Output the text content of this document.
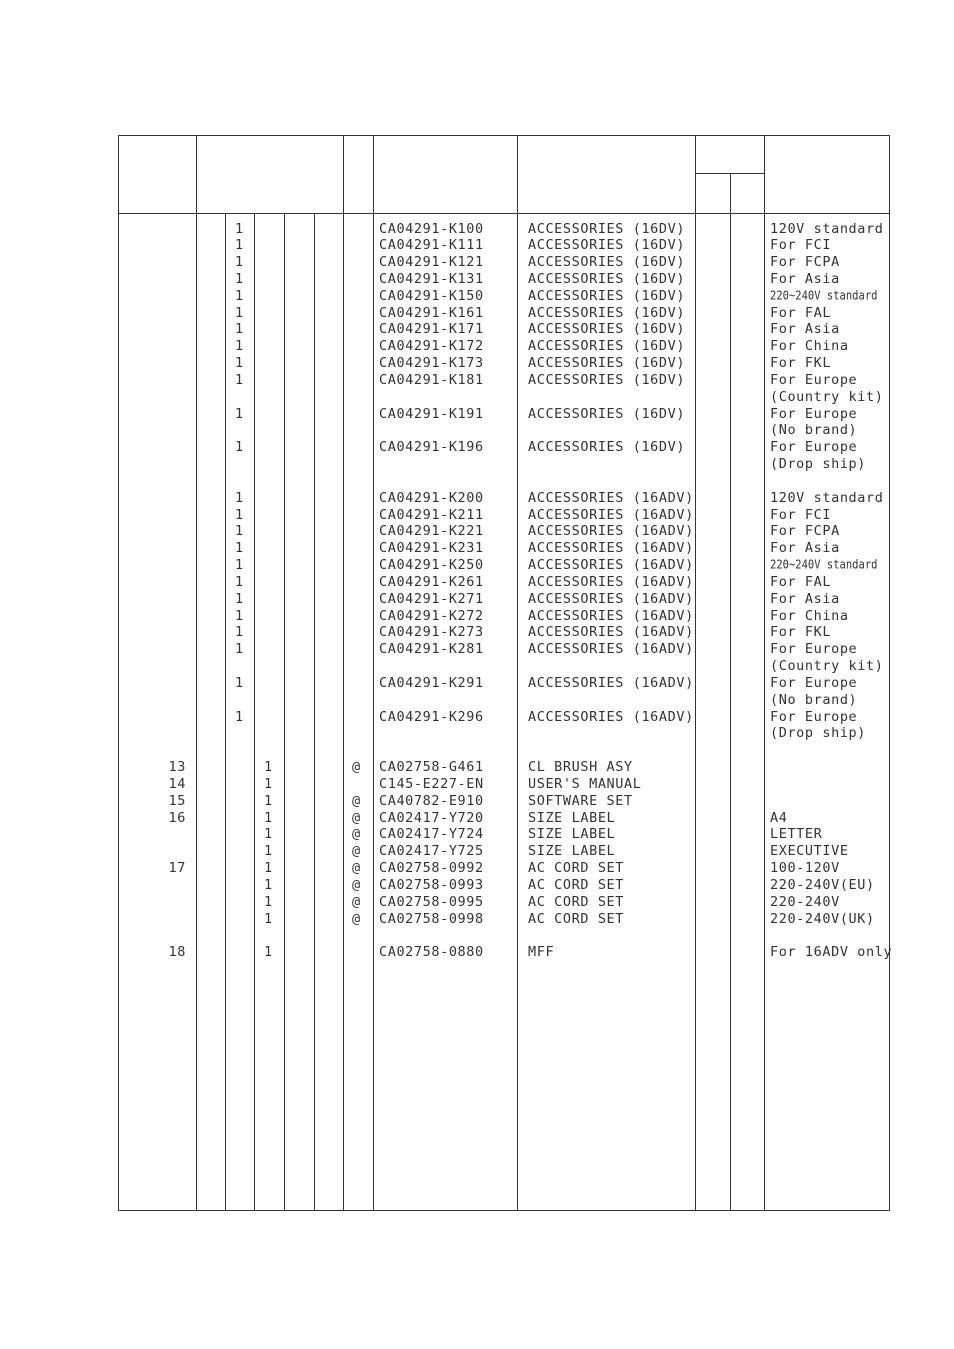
1	CA04291-K100	ACCESSORIES (16DV)	120V standard
1	CA04291-K111	ACCESSORIES (16DV)	For FCI
1	CA04291-K121	ACCESSORIES (16DV)	For FCPA
1	CA04291-K131	ACCESSORIES (16DV)	For Asia
1	CA04291-K150	ACCESSORIES (16DV)	220~240V standard
1	CA04291-K161	ACCESSORIES (16DV)	For FAL
1	CA04291-K171	ACCESSORIES (16DV)	For Asia
1	CA04291-K172	ACCESSORIES (16DV)	For China
1	CA04291-K173	ACCESSORIES (16DV)	For FKL
1	CA04291-K181	ACCESSORIES (16DV)	For Europe
(Country kit)
1	CA04291-K191	ACCESSORIES (16DV)	For Europe
(No brand)
1	CA04291-K196	ACCESSORIES (16DV)	For Europe
(Drop ship)
1	CA04291-K200	ACCESSORIES (16ADV)	120V standard
1	CA04291-K211	ACCESSORIES (16ADV)	For FCI
1	CA04291-K221	ACCESSORIES (16ADV)	For FCPA
1	CA04291-K231	ACCESSORIES (16ADV)	For Asia
1	CA04291-K250	ACCESSORIES (16ADV)	220~240V standard
1	CA04291-K261	ACCESSORIES (16ADV)	For FAL
1	CA04291-K271	ACCESSORIES (16ADV)	For Asia
1	CA04291-K272	ACCESSORIES (16ADV)	For China
1	CA04291-K273	ACCESSORIES (16ADV)	For FKL
1	CA04291-K281	ACCESSORIES (16ADV)	For Europe
(Country kit)
1	CA04291-K291	ACCESSORIES (16ADV)	For Europe
(No brand)
1	CA04291-K296	ACCESSORIES (16ADV)	For Europe
(Drop ship)
13	1	@ CA02758-G461	CL BRUSH ASY
14	1	C145-E227-EN	USER'S MANUAL
15	1	@ CA40782-E910	SOFTWARE SET
16	1	@ CA02417-Y720	SIZE LABEL	A4
1	@ CA02417-Y724	SIZE LABEL	LETTER
1	@ CA02417-Y725	SIZE LABEL	EXECUTIVE
17	1	@ CA02758-0992	AC CORD SET	100-120V
1	@ CA02758-0993	AC CORD SET	220-240V(EU)
1	@ CA02758-0995	AC CORD SET	220-240V
1	@ CA02758-0998	AC CORD SET	220-240V(UK)
18	1	CA02758-0880	MFF	For 16ADV only
